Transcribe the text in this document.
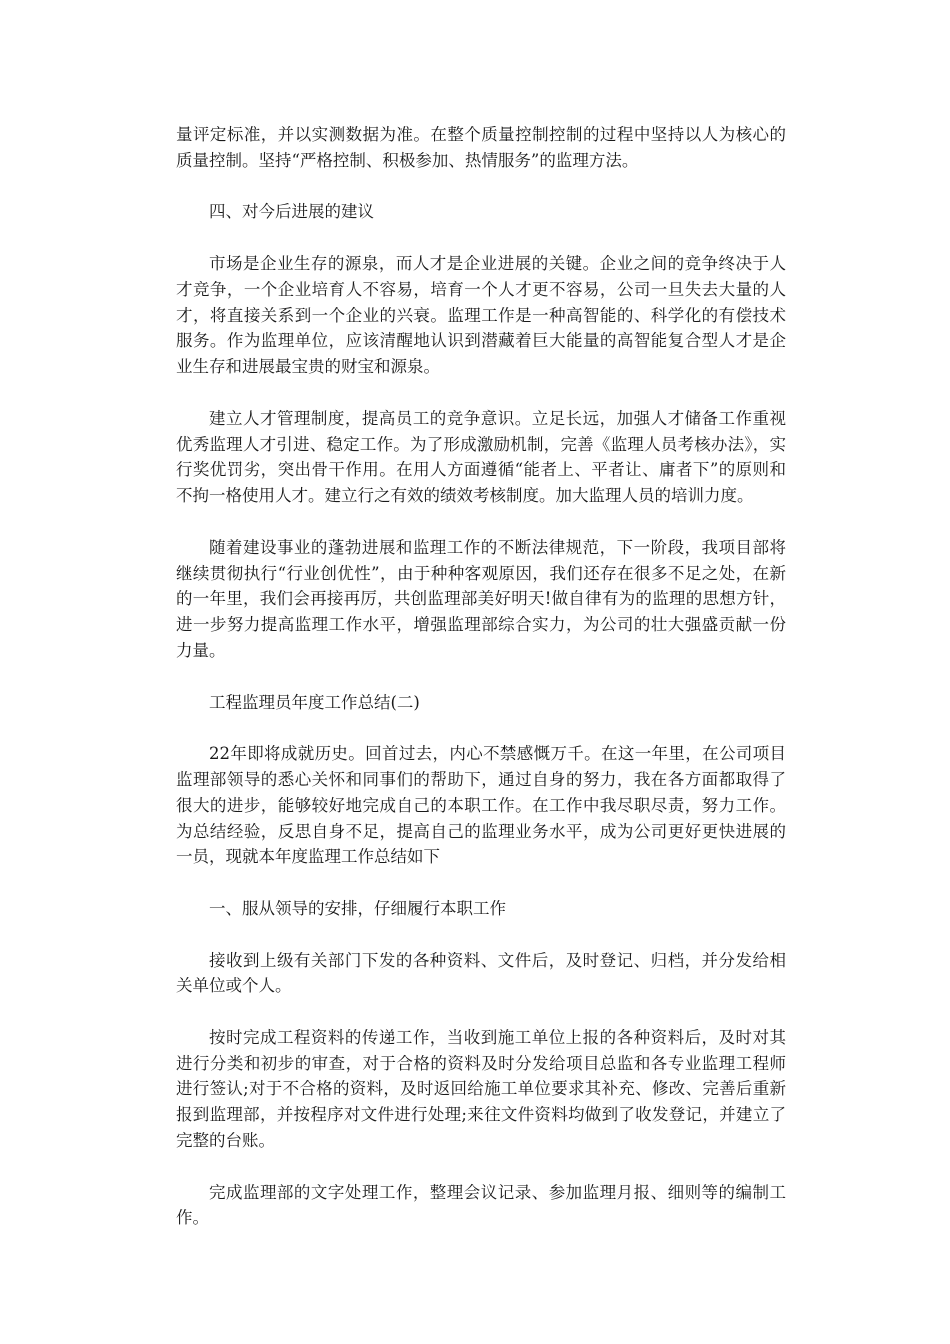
量评定标准，并以实测数据为准。在整个质量控制控制的过程中坚持以人为核心的质量控制。坚持“严格控制、积极参加、热情服务”的监理方法。

四、对今后进展的建议

市场是企业生存的源泉，而人才是企业进展的关键。企业之间的竞争终决于人才竞争，一个企业培育人不容易，培育一个人才更不容易，公司一旦失去大量的人才，将直接关系到一个企业的兴衰。监理工作是一种高智能的、科学化的有偿技术服务。作为监理单位，应该清醒地认识到潜藏着巨大能量的高智能复合型人才是企业生存和进展最宝贵的财宝和源泉。

建立人才管理制度，提高员工的竞争意识。立足长远，加强人才储备工作重视优秀监理人才引进、稳定工作。为了形成激励机制，完善《监理人员考核办法》，实行奖优罚劣，突出骨干作用。在用人方面遵循“能者上、平者让、庸者下”的原则和不拘一格使用人才。建立行之有效的绩效考核制度。加大监理人员的培训力度。

随着建设事业的蓬勃进展和监理工作的不断法律规范，下一阶段，我项目部将继续贯彻执行“行业创优性”，由于种种客观原因，我们还存在很多不足之处，在新的一年里，我们会再接再厉，共创监理部美好明天!做自律有为的监理的思想方针，进一步努力提高监理工作水平，增强监理部综合实力，为公司的壮大强盛贡献一份力量。

工程监理员年度工作总结(二)

22年即将成就历史。回首过去，内心不禁感慨万千。在这一年里，在公司项目监理部领导的悉心关怀和同事们的帮助下，通过自身的努力，我在各方面都取得了很大的进步，能够较好地完成自己的本职工作。在工作中我尽职尽责，努力工作。为总结经验，反思自身不足，提高自己的监理业务水平，成为公司更好更快进展的一员，现就本年度监理工作总结如下

一、服从领导的安排，仔细履行本职工作

接收到上级有关部门下发的各种资料、文件后，及时登记、归档，并分发给相关单位或个人。

按时完成工程资料的传递工作，当收到施工单位上报的各种资料后，及时对其进行分类和初步的审查，对于合格的资料及时分发给项目总监和各专业监理工程师进行签认;对于不合格的资料，及时返回给施工单位要求其补充、修改、完善后重新报到监理部，并按程序对文件进行处理;来往文件资料均做到了收发登记，并建立了完整的台账。

完成监理部的文字处理工作，整理会议记录、参加监理月报、细则等的编制工作。
